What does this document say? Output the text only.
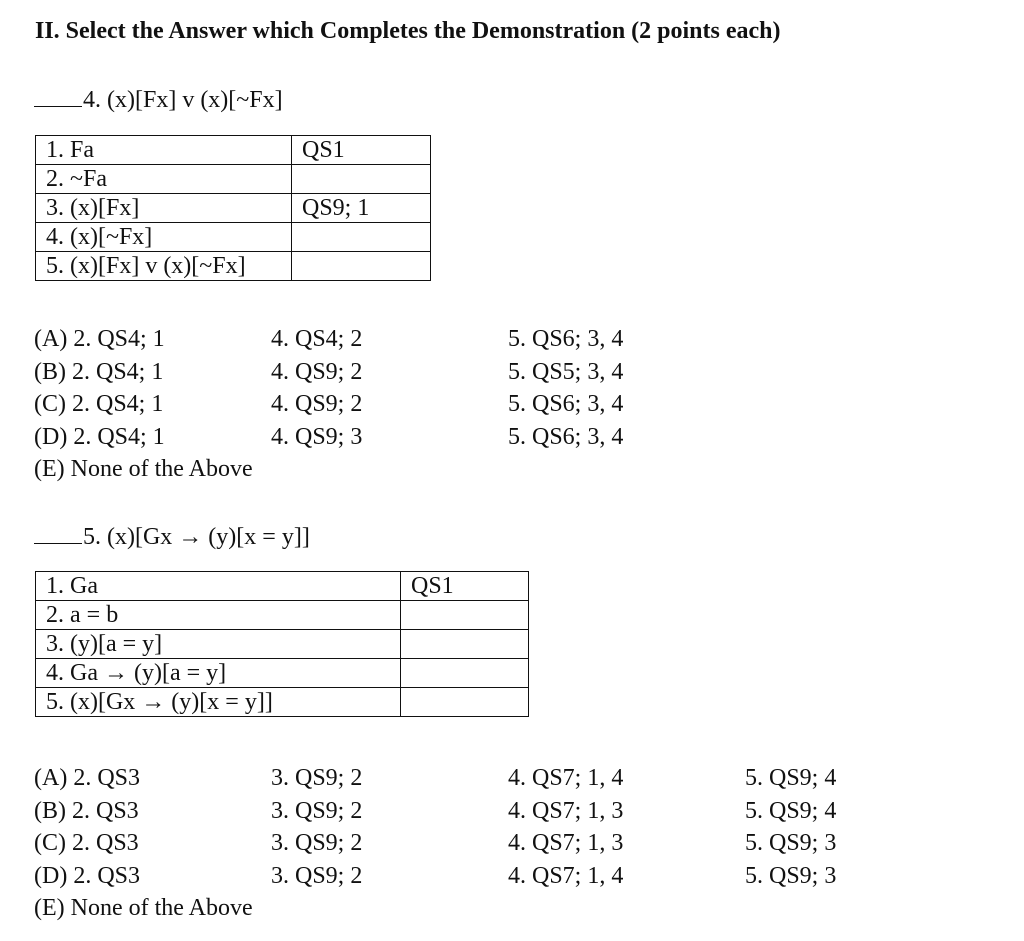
II. Select the Answer which Completes the Demonstration (2 points each)
4. (x)[Fx] v (x)[~Fx]
1. Fa	QS1
2. ~Fa	
3. (x)[Fx]	QS9; 1
4. (x)[~Fx]	
5. (x)[Fx] v (x)[~Fx]	
(A) 2. QS4; 1	4. QS4; 2	5. QS6; 3, 4
(B) 2. QS4; 1	4. QS9; 2	5. QS5; 3, 4
(C) 2. QS4; 1	4. QS9; 2	5. QS6; 3, 4
(D) 2. QS4; 1	4. QS9; 3	5. QS6; 3, 4
(E) None of the Above
5. (x)[Gx → (y)[x = y]]
1. Ga	QS1
2. a = b	
3. (y)[a = y]	
4. Ga → (y)[a = y]	
5. (x)[Gx → (y)[x = y]]	
(A) 2. QS3	3. QS9; 2	4. QS7; 1, 4	5. QS9; 4
(B) 2. QS3	3. QS9; 2	4. QS7; 1, 3	5. QS9; 4
(C) 2. QS3	3. QS9; 2	4. QS7; 1, 3	5. QS9; 3
(D) 2. QS3	3. QS9; 2	4. QS7; 1, 4	5. QS9; 3
(E) None of the Above
